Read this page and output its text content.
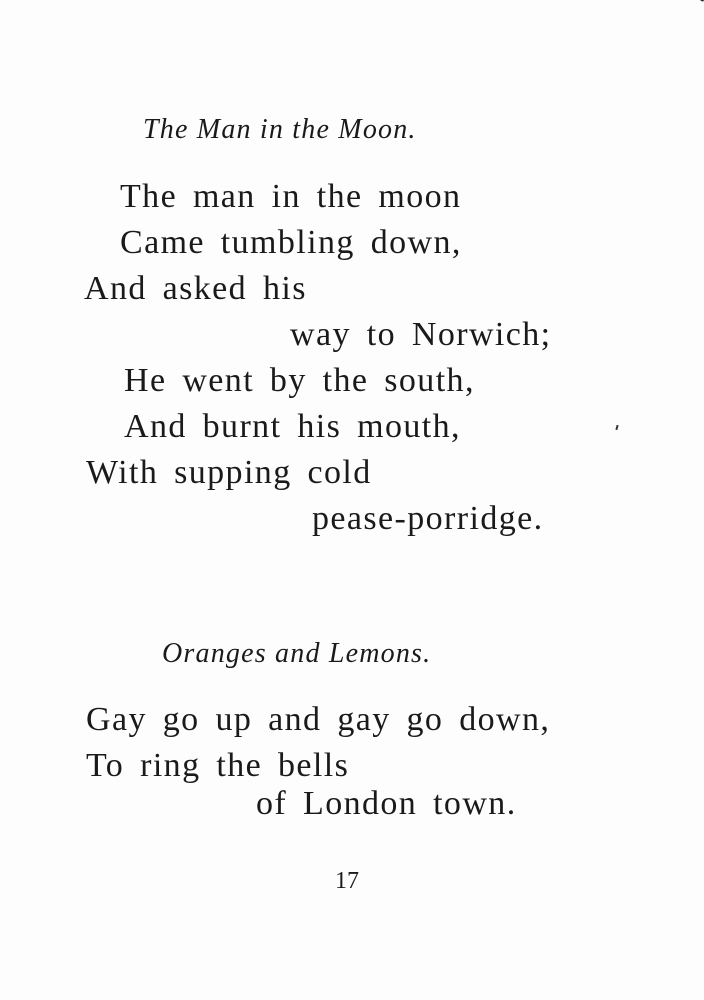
The Man in the Moon.

The man in the moon

Came tumbling down,

And asked his

way to Norwich;

He went by the south,

And burnt his mouth,

With supping cold

pease-porridge.

Oranges and Lemons.

Gay go up and gay go down,

To ring the bells

of London town.

17
